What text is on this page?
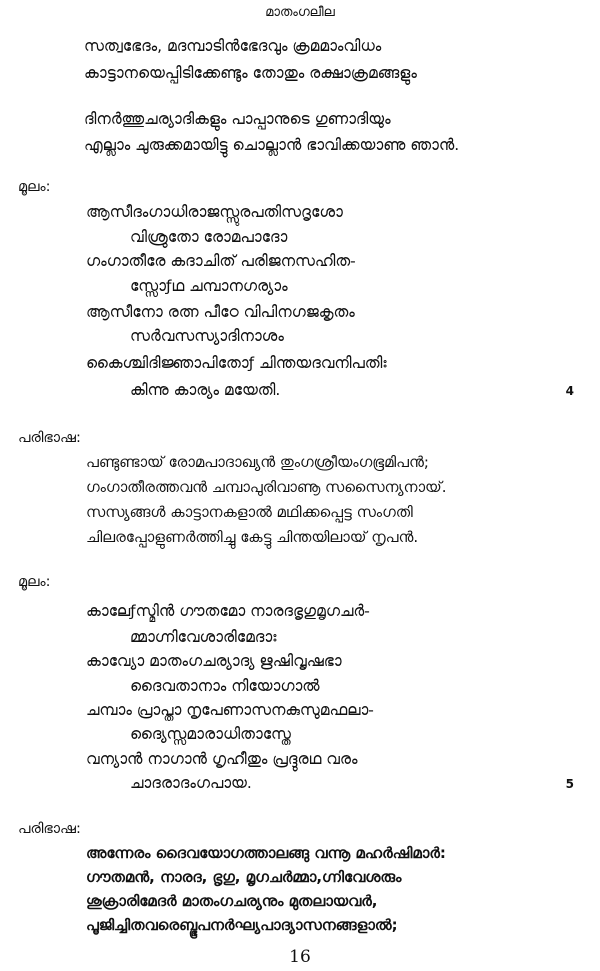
മാതംഗലീല
സത്വഭേദം, മദമ്പാടിൻഭേദവും ക്രമമാംവിധം
കാട്ടാനയെപ്പിടിക്കേണ്ടും തോതും രക്ഷാക്രമങ്ങളും
ദിനർത്തുചര്യാദികളും പാപ്പാനുടെ ഗുണാദിയും
എല്ലാം ചുരുക്കമായിട്ടു ചൊല്ലാൻ ഭാവിക്കയാണു ഞാൻ.
മൂലം:
ആസീദംഗാധിരാജസ്സുരപതിസദൃശോ
വിശ്രുതോ രോമപാദോ
ഗംഗാതീരേ കദാചിത് പരിജനസഹിത-
സ്സോƒഥ ചമ്പാനഗര്യാം
ആസീനോ രത്ന പീഠേ വിപിനഗജകൃതം
സർവസസ്യാദിനാശം
കൈശ്ചിദിജ്ഞാപിതോƒ ചിന്തയദവനിപതിഃ
കിന്നു കാര്യം മയേതി.	4
പരിഭാഷ:
പണ്ടുണ്ടായ് രോമപാദാഖ്യൻ തുംഗശ്രീയംഗഭൂമിപൻ;
ഗംഗാതീരത്തവൻ ചമ്പാപുരിവാണൂ സസൈന്യനായ്.
സസ്യങ്ങൾ കാട്ടാനകളാൽ മഥിക്കപ്പെട്ട സംഗതി
ചിലരപ്പോളുണർത്തിച്ചു കേട്ടു ചിന്തയിലായ് നൃപൻ.
മൂലം:
കാലേƒസ്മിൻ ഗൗതമോ നാരദഭൃഗുമൃഗചർ-
മ്മാഗ്നിവേശാരിമേദാഃ
കാവ്യോ മാതംഗചര്യാദ്യ ഋഷിവൃഷഭാ
ദൈവതാനാം നിയോഗാൽ
ചമ്പാം പ്രാപ്താ നൃപേണാസനകുസുമഫലാ-
ദ്യൈസ്സമാരാധിതാസ്തേ
വന്യാൻ നാഗാൻ ഗൃഹീതും പ്രദ്ദുരഥ വരം
ചാദരാദംഗപായ.	5
പരിഭാഷ:
അന്നേരം ദൈവയോഗത്താലങ്ങു വന്നൂ മഹർഷിമാർ:
ഗൗതമൻ, നാരദ, ഭൃഗു, മൃഗചർമ്മാ,ഗ്നിവേശരും
ശുക്രാരിമേദർ മാതംഗചര്യനും മുതലായവർ,
പൂജിച്ചിതവരെബ്ഭൂപനർഘ്യപാദ്യാസനങ്ങളാൽ;
16
